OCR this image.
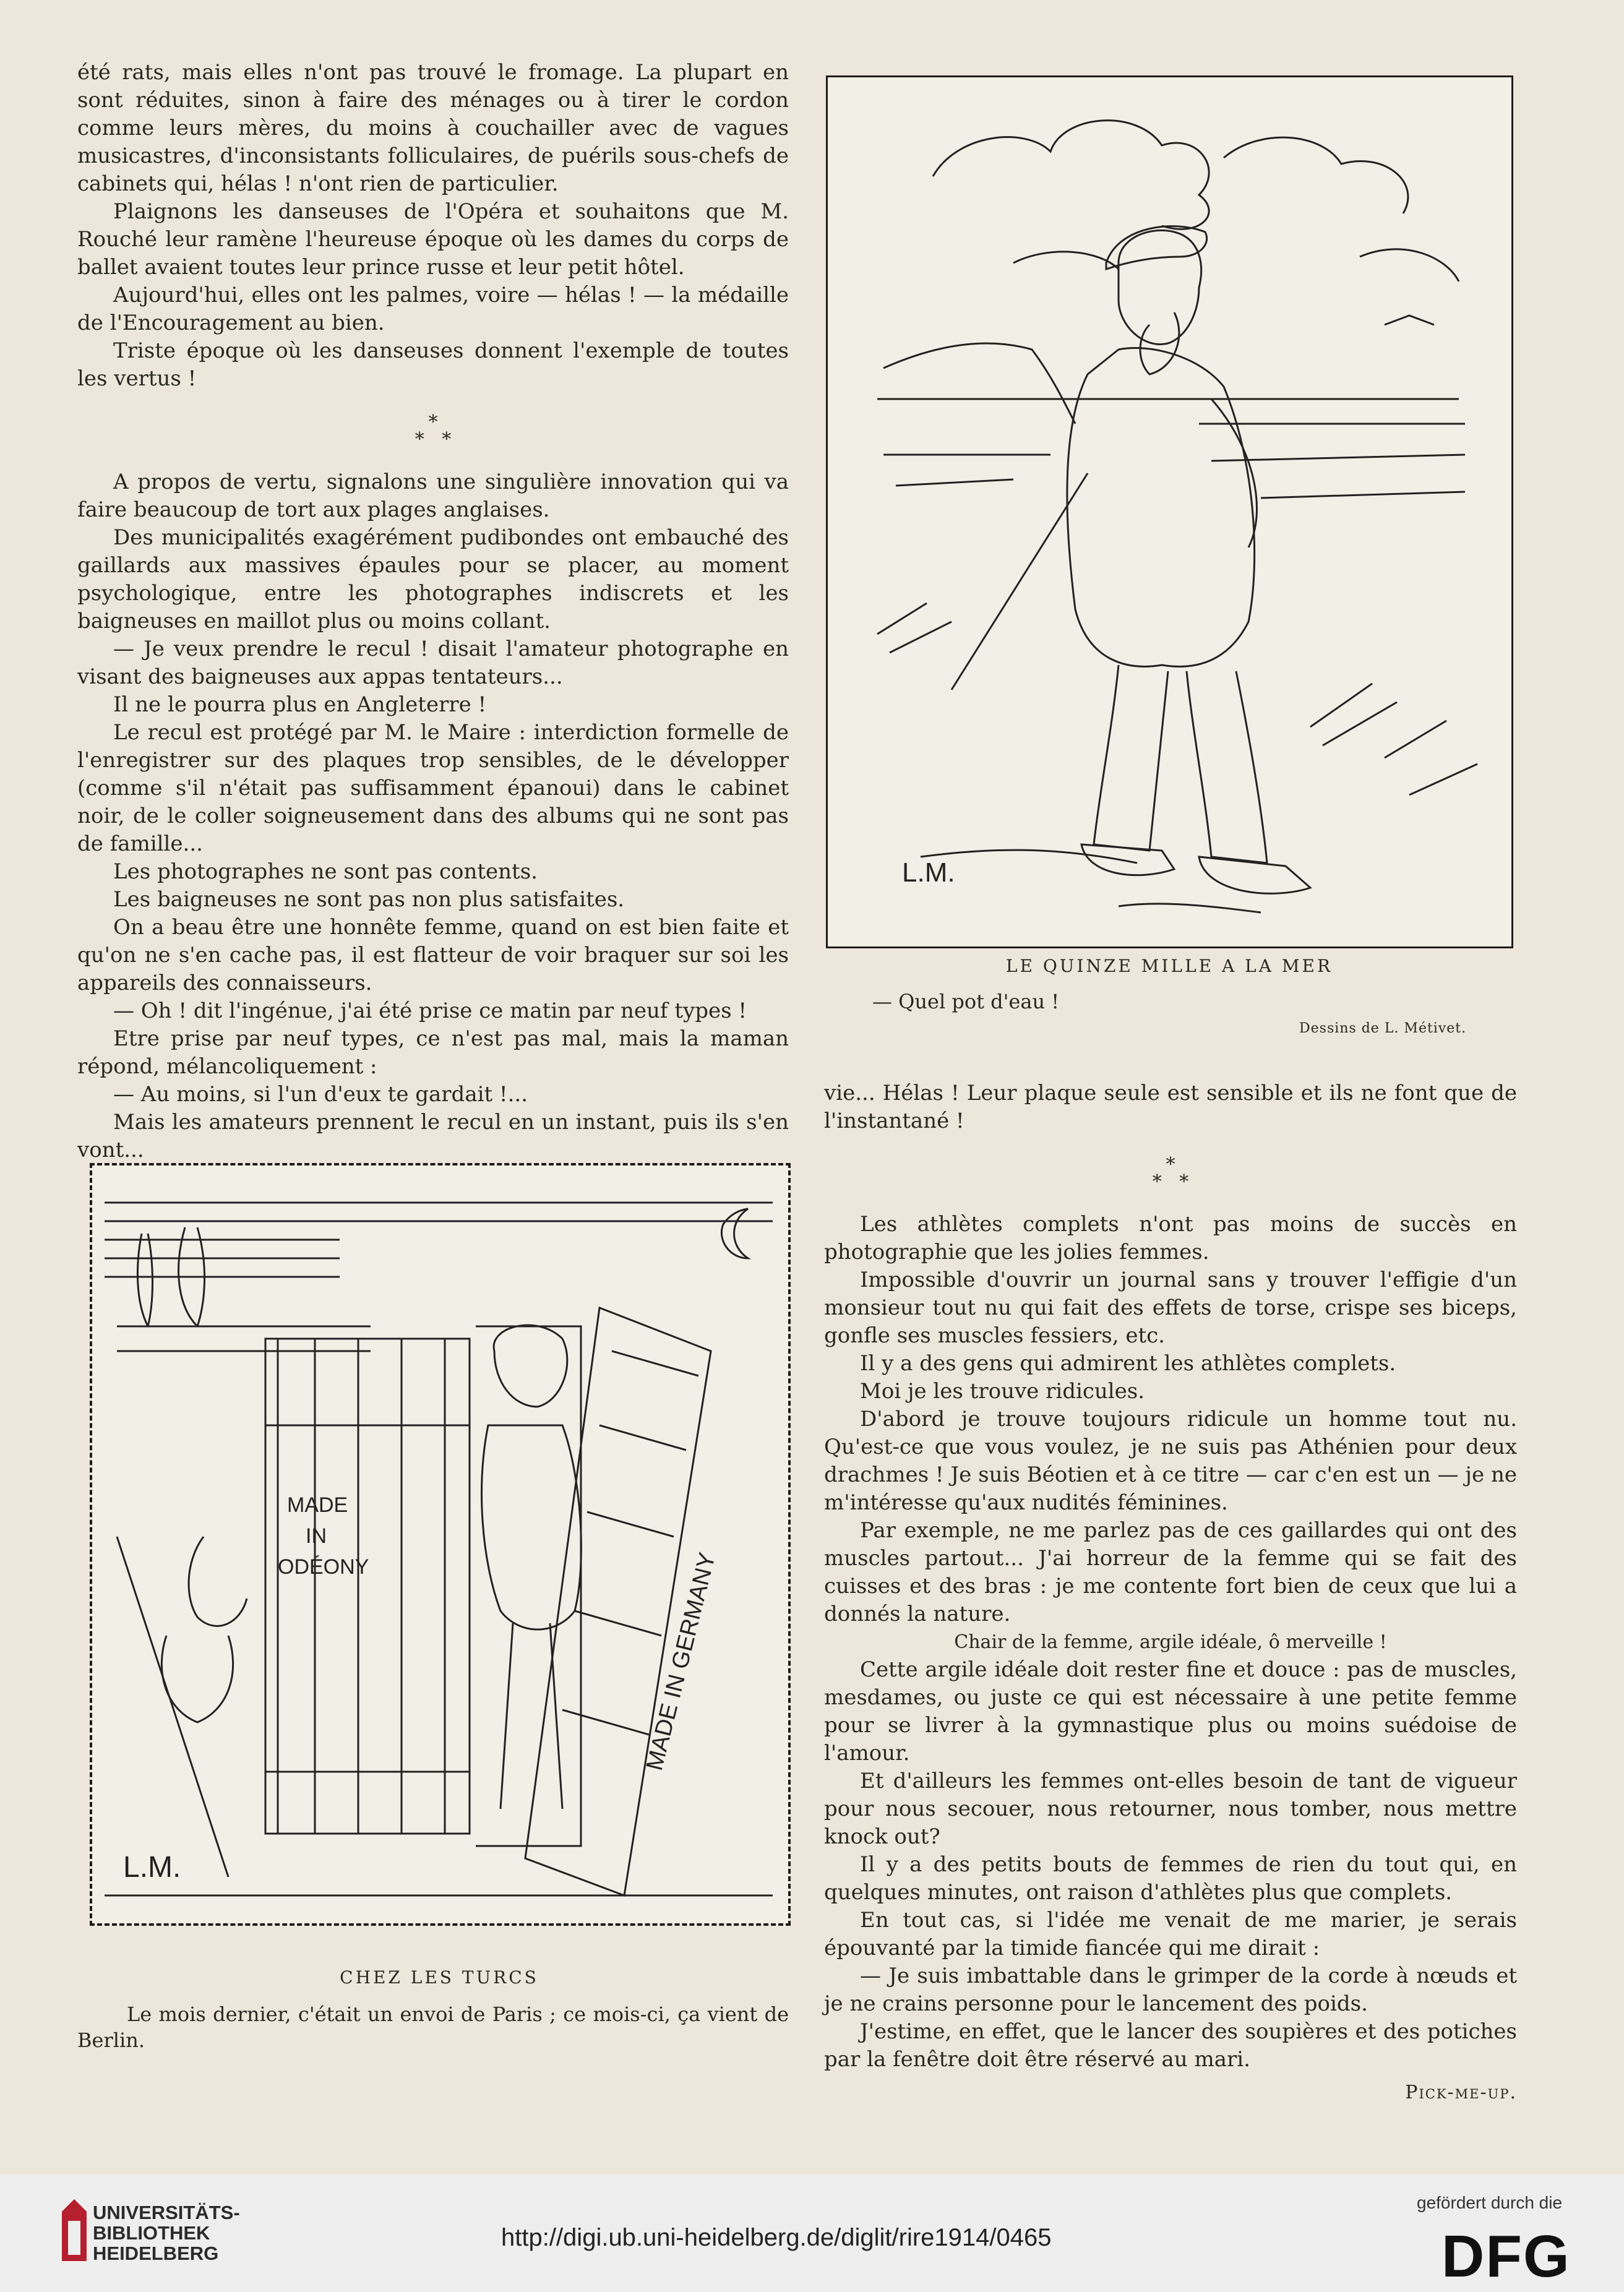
été rats, mais elles n'ont pas trouvé le fromage. La plupart en sont réduites, sinon à faire des ménages ou à tirer le cordon comme leurs mères, du moins à couchailler avec de vagues musicastres, d'inconsistants folliculaires, de puérils sous-chefs de cabinets qui, hélas ! n'ont rien de particulier.

Plaignons les danseuses de l'Opéra et souhaitons que M. Rouché leur ramène l'heureuse époque où les dames du corps de ballet avaient toutes leur prince russe et leur petit hôtel.

Aujourd'hui, elles ont les palmes, voire — hélas ! — la médaille de l'Encouragement au bien.

Triste époque où les danseuses donnent l'exemple de toutes les vertus !

*
* *

A propos de vertu, signalons une singulière innovation qui va faire beaucoup de tort aux plages anglaises.

Des municipalités exagérément pudibondes ont embauché des gaillards aux massives épaules pour se placer, au moment psychologique, entre les photographes indiscrets et les baigneuses en maillot plus ou moins collant.

— Je veux prendre le recul ! disait l'amateur photographe en visant des baigneuses aux appas tentateurs...

Il ne le pourra plus en Angleterre !

Le recul est protégé par M. le Maire : interdiction formelle de l'enregistrer sur des plaques trop sensibles, de le développer (comme s'il n'était pas suffisamment épanoui) dans le cabinet noir, de le coller soigneusement dans des albums qui ne sont pas de famille...

Les photographes ne sont pas contents.

Les baigneuses ne sont pas non plus satisfaites.

On a beau être une honnête femme, quand on est bien faite et qu'on ne s'en cache pas, il est flatteur de voir braquer sur soi les appareils des connaisseurs.

— Oh ! dit l'ingénue, j'ai été prise ce matin par neuf types !

Etre prise par neuf types, ce n'est pas mal, mais la maman répond, mélancoliquement :

— Au moins, si l'un d'eux te gardait !...

Mais les amateurs prennent le recul en un instant, puis ils s'en vont...

L.M.
LE QUINZE MILLE A LA MER
— Quel pot d'eau !
Dessins de L. Métivet.

vie... Hélas ! Leur plaque seule est sensible et ils ne font que de l'instantané !

*
* *

Les athlètes complets n'ont pas moins de succès en photographie que les jolies femmes.

Impossible d'ouvrir un journal sans y trouver l'effigie d'un monsieur tout nu qui fait des effets de torse, crispe ses biceps, gonfle ses muscles fessiers, etc.

Il y a des gens qui admirent les athlètes complets.

Moi je les trouve ridicules.

D'abord je trouve toujours ridicule un homme tout nu. Qu'est-ce que vous voulez, je ne suis pas Athénien pour deux drachmes ! Je suis Béotien et à ce titre — car c'en est un — je ne m'intéresse qu'aux nudités féminines.

Par exemple, ne me parlez pas de ces gaillardes qui ont des muscles partout... J'ai horreur de la femme qui se fait des cuisses et des bras : je me contente fort bien de ceux que lui a donnés la nature.

Chair de la femme, argile idéale, ô merveille !

Cette argile idéale doit rester fine et douce : pas de muscles, mesdames, ou juste ce qui est nécessaire à une petite femme pour se livrer à la gymnastique plus ou moins suédoise de l'amour.

Et d'ailleurs les femmes ont-elles besoin de tant de vigueur pour nous secouer, nous retourner, nous tomber, nous mettre knock out?

Il y a des petits bouts de femmes de rien du tout qui, en quelques minutes, ont raison d'athlètes plus que complets.

En tout cas, si l'idée me venait de me marier, je serais épouvanté par la timide fiancée qui me dirait :

— Je suis imbattable dans le grimper de la corde à nœuds et je ne crains personne pour le lancement des poids.

J'estime, en effet, que le lancer des soupières et des potiches par la fenêtre doit être réservé au mari.

Pick-me-up.
MADE
IN
ODÉONY	MADE IN GERMANY
L.M.
CHEZ LES TURCS
Le mois dernier, c'était un envoi de Paris ; ce mois-ci, ça vient de Berlin.
UNIVERSITÄTS-
BIBLIOTHEK
HEIDELBERG
http://digi.ub.uni-heidelberg.de/diglit/rire1914/0465
gefördert durch die
DFG
